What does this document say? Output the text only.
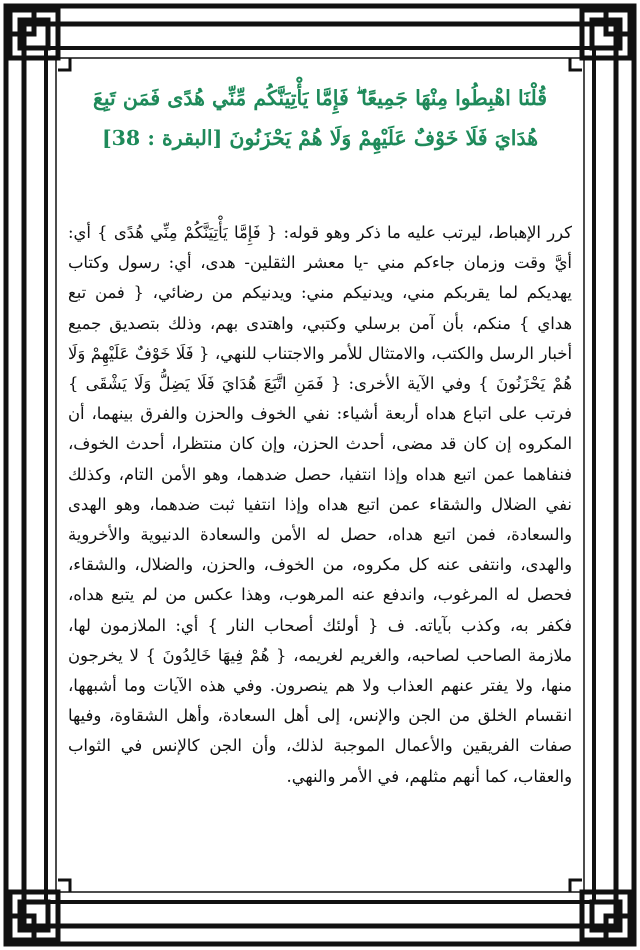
قُلْنَا اهْبِطُوا مِنْهَا جَمِيعًا ۖ فَإِمَّا يَأْتِيَنَّكُم مِّنِّي هُدًى فَمَن تَبِعَ هُدَايَ فَلَا خَوْفٌ عَلَيْهِمْ وَلَا هُمْ يَحْزَنُونَ [البقرة : 38]
كرر الإهباط، ليرتب عليه ما ذكر وهو قوله: { فَإِمَّا يَأْتِيَنَّكُمْ مِنِّي هُدًى } أي: أيَّ وقت وزمان جاءكم مني -يا معشر الثقلين- هدى، أي: رسول وكتاب يهديكم لما يقربكم مني، ويدنيكم مني: ويدنيكم من رضائي، { فمن تبع هداي } منكم، بأن آمن برسلي وكتبي، واهتدى بهم، وذلك بتصديق جميع أخبار الرسل والكتب، والامتثال للأمر والاجتناب للنهي، { فَلَا خَوْفٌ عَلَيْهِمْ وَلَا هُمْ يَحْزَنُونَ } وفي الآية الأخرى: { فَمَنِ اتَّبَعَ هُدَايَ فَلَا يَضِلُّ وَلَا يَشْقَى } فرتب على اتباع هداه أربعة أشياء: نفي الخوف والحزن والفرق بينهما، أن المكروه إن كان قد مضى، أحدث الحزن، وإن كان منتظرا، أحدث الخوف، فنفاهما عمن اتبع هداه وإذا انتفيا، حصل ضدهما، وهو الأمن التام، وكذلك نفي الضلال والشقاء عمن اتبع هداه وإذا انتفيا ثبت ضدهما، وهو الهدى والسعادة، فمن اتبع هداه، حصل له الأمن والسعادة الدنيوية والأخروية والهدى، وانتفى عنه كل مكروه، من الخوف، والحزن، والضلال، والشقاء، فحصل له المرغوب، واندفع عنه المرهوب، وهذا عكس من لم يتبع هداه، فكفر به، وكذب بآياته. ف { أولئك أصحاب النار } أي: الملازمون لها، ملازمة الصاحب لصاحبه، والغريم لغريمه، { هُمْ فِيهَا خَالِدُونَ } لا يخرجون منها، ولا يفتر عنهم العذاب ولا هم ينصرون. وفي هذه الآيات وما أشبهها، انقسام الخلق من الجن والإنس، إلى أهل السعادة، وأهل الشقاوة، وفيها صفات الفريقين والأعمال الموجبة لذلك، وأن الجن كالإنس في الثواب والعقاب، كما أنهم مثلهم، في الأمر والنهي.
